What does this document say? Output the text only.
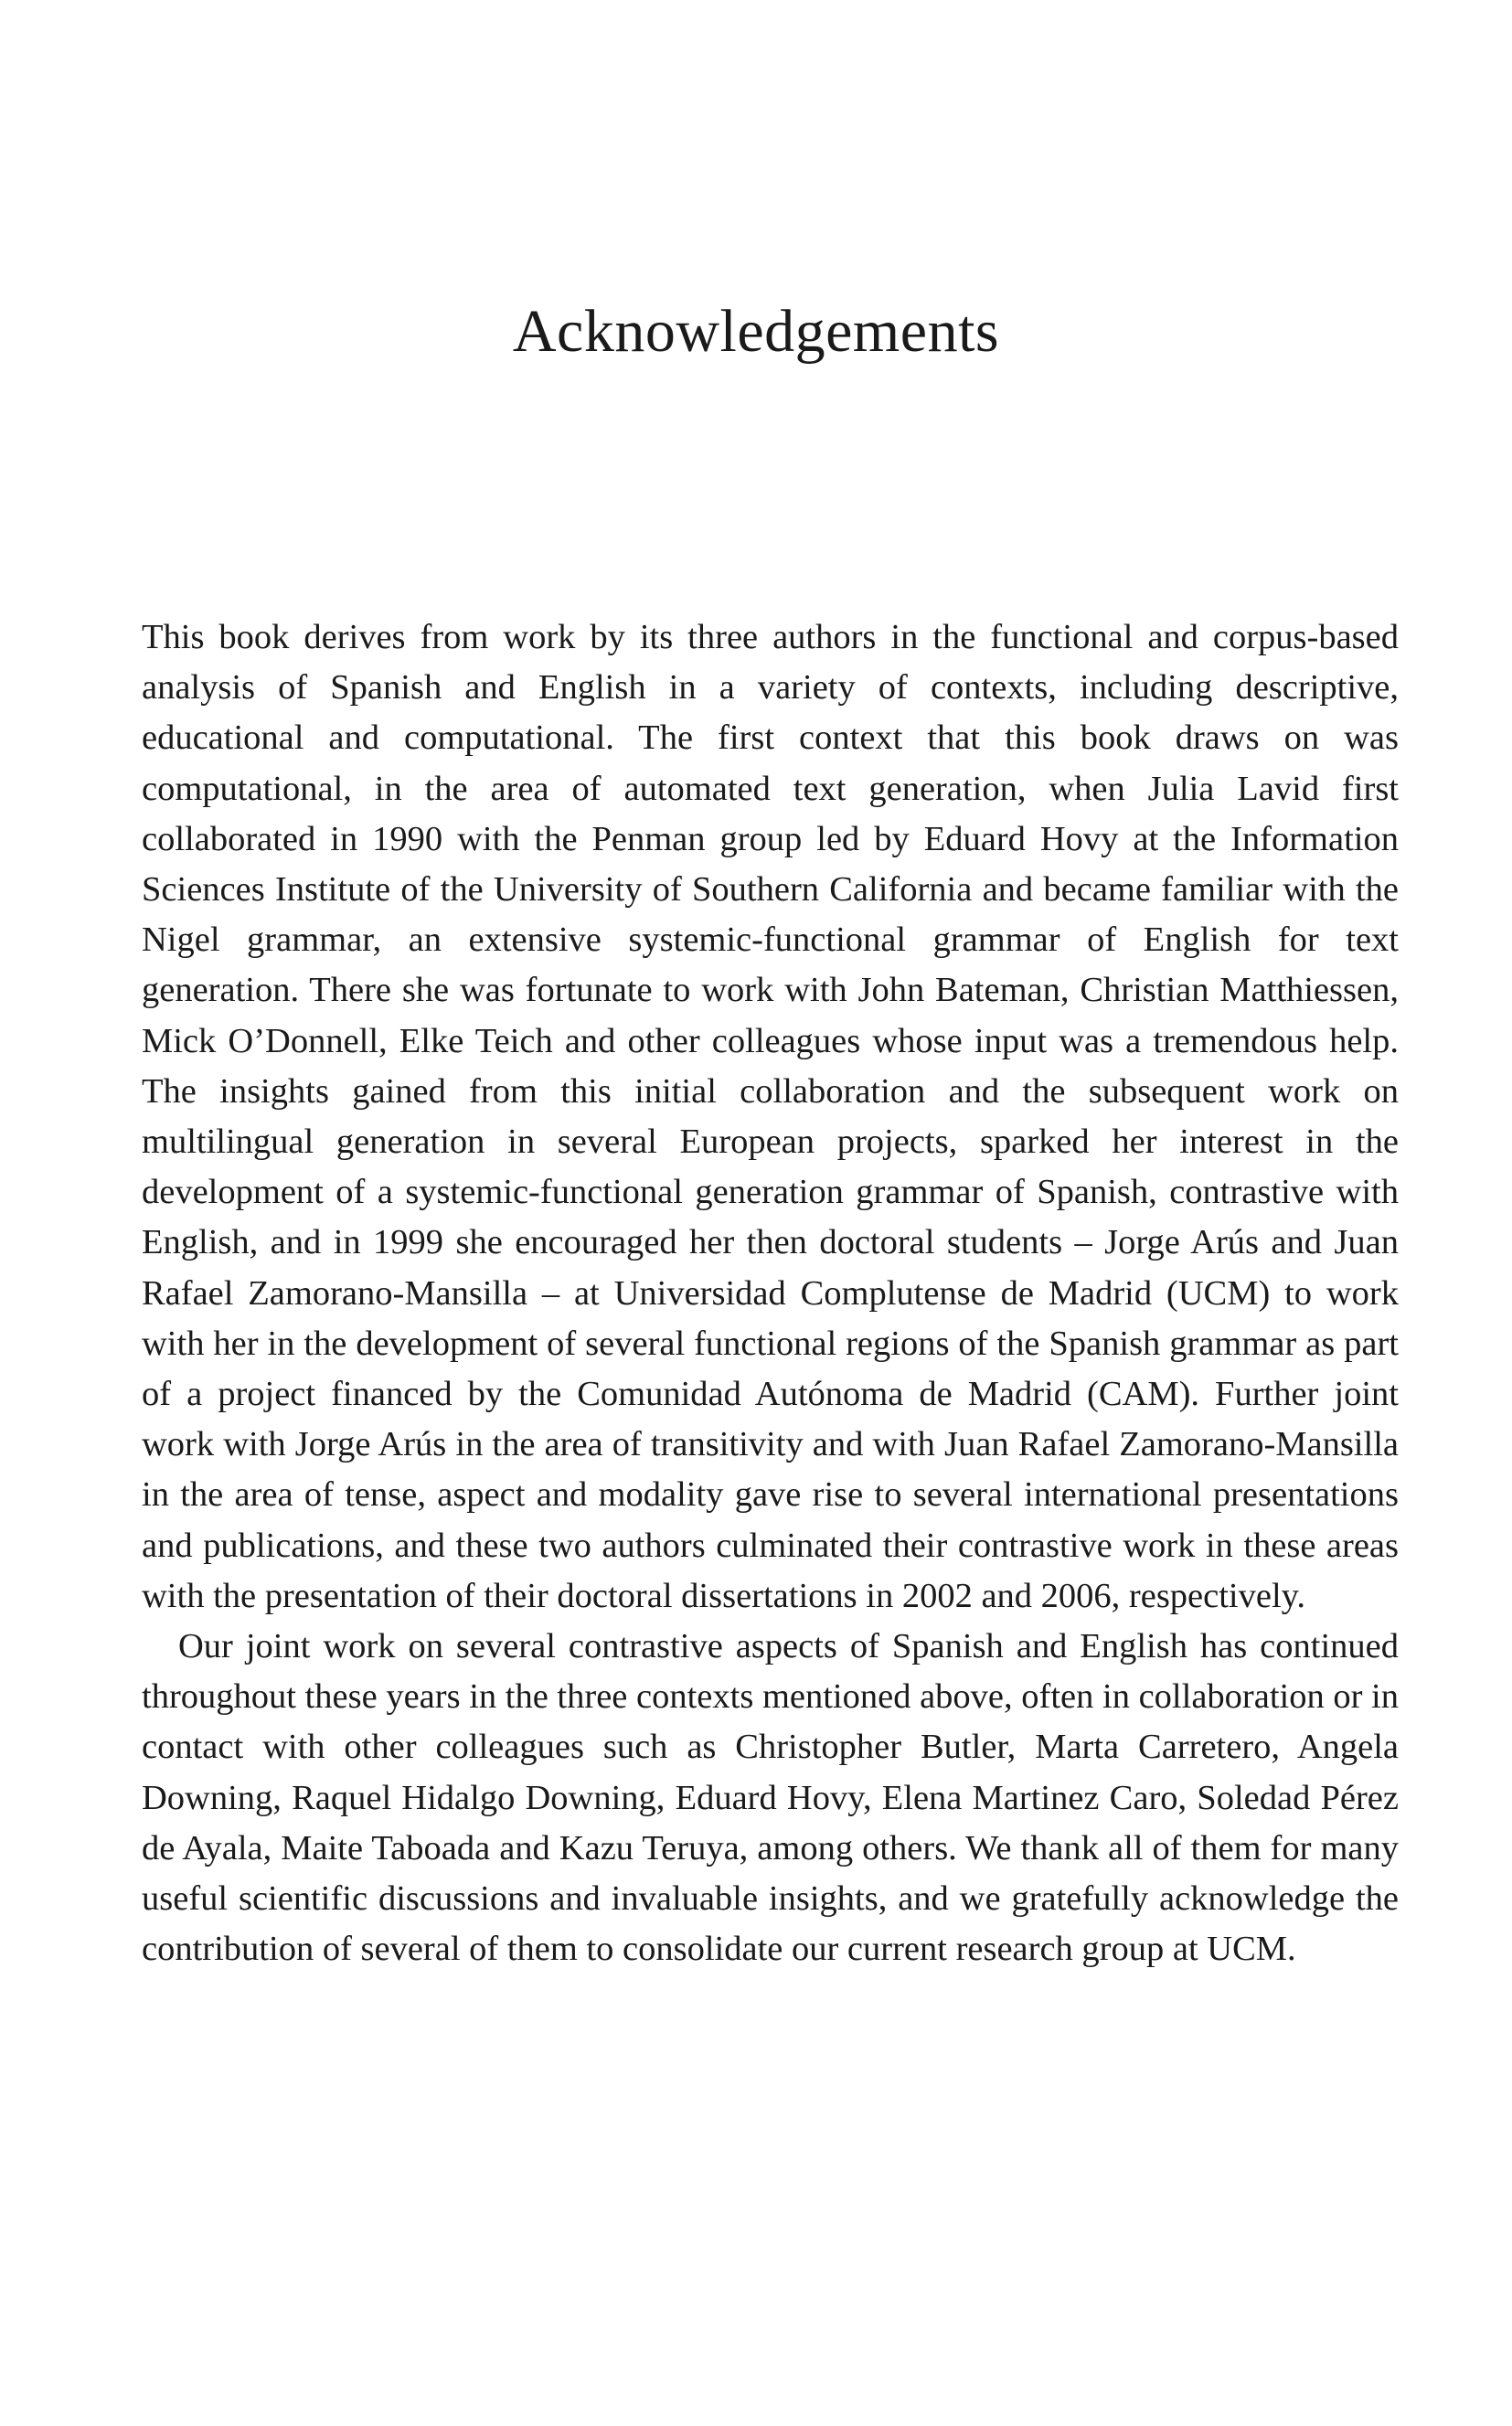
Acknowledgements

This book derives from work by its three authors in the functional and corpus-based analysis of Spanish and English in a variety of contexts, including descriptive, educational and computational. The first context that this book draws on was computational, in the area of automated text generation, when Julia Lavid first collaborated in 1990 with the Penman group led by Eduard Hovy at the Information Sciences Institute of the University of Southern California and became familiar with the Nigel grammar, an extensive systemic-functional grammar of English for text generation. There she was fortunate to work with John Bateman, Christian Matthiessen, Mick O’Donnell, Elke Teich and other colleagues whose input was a tremendous help. The insights gained from this initial collaboration and the subsequent work on multilingual generation in several European projects, sparked her interest in the development of a systemic-functional generation grammar of Spanish, contrastive with English, and in 1999 she encouraged her then doctoral students – Jorge Arús and Juan Rafael Zamorano-Mansilla – at Universidad Complutense de Madrid (UCM) to work with her in the development of several functional regions of the Spanish grammar as part of a project financed by the Comunidad Autónoma de Madrid (CAM). Further joint work with Jorge Arús in the area of transitivity and with Juan Rafael Zamorano-Mansilla in the area of tense, aspect and modality gave rise to several international presentations and publications, and these two authors culminated their contrastive work in these areas with the presentation of their doctoral dissertations in 2002 and 2006, respectively.

Our joint work on several contrastive aspects of Spanish and English has continued throughout these years in the three contexts mentioned above, often in collaboration or in contact with other colleagues such as Christopher Butler, Marta Carretero, Angela Downing, Raquel Hidalgo Downing, Eduard Hovy, Elena Martinez Caro, Soledad Pérez de Ayala, Maite Taboada and Kazu Teruya, among others. We thank all of them for many useful scientific discussions and invaluable insights, and we gratefully acknowledge the contribution of several of them to consolidate our current research group at UCM.
